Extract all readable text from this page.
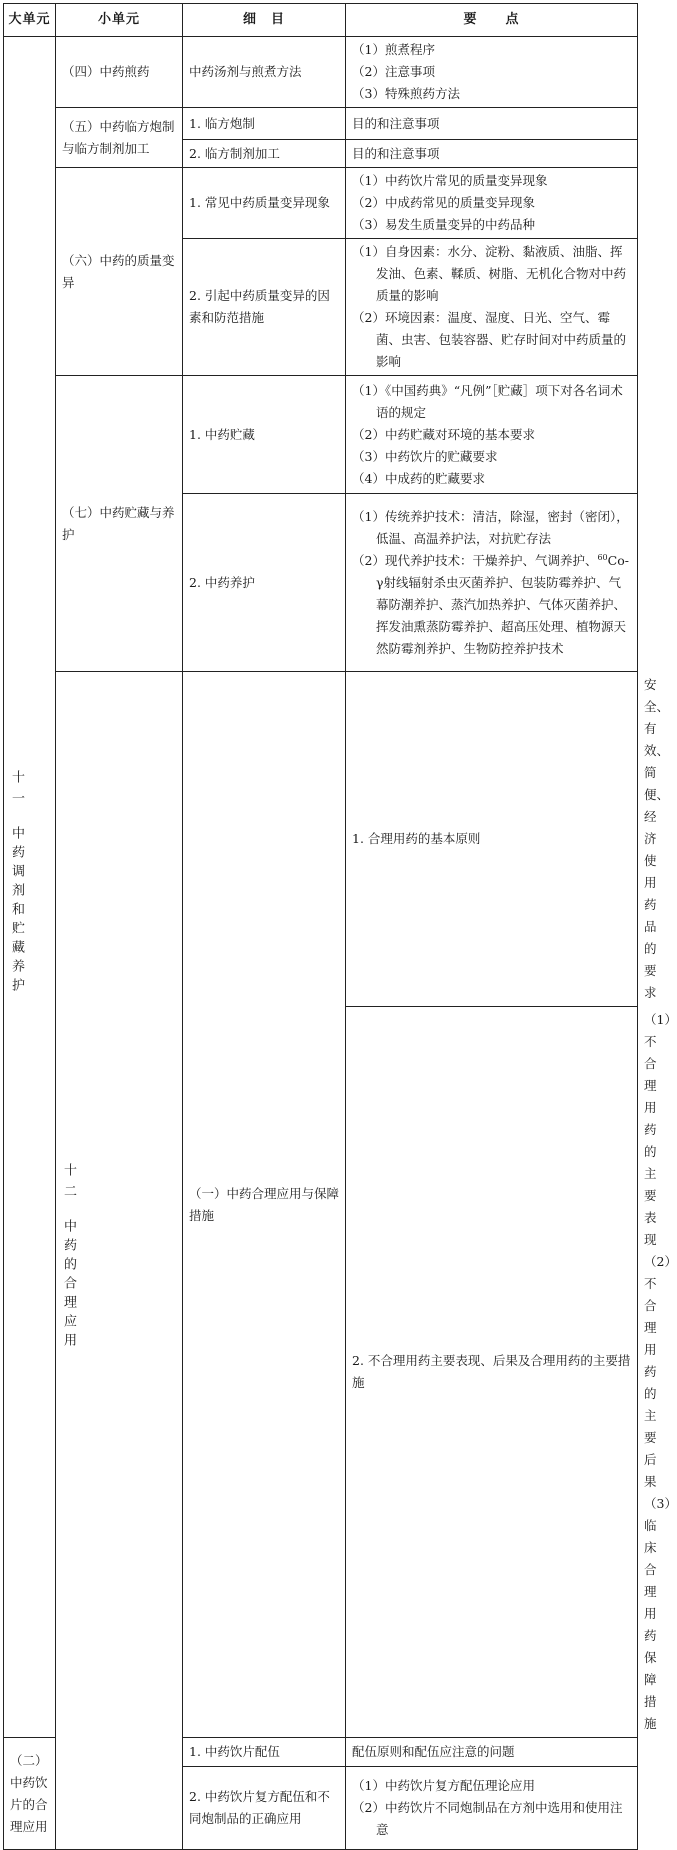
大单元	小单元	细　目	要　　点	
十一中药调剂和贮藏养护	（四）中药煎药	中药汤剂与煎煮方法	（1）煎煮程序
（2）注意事项
（3）特殊煎药方法	

	（五）中药临方炮制与临方制剂加工	1. 临方炮制	目的和注意事项	
		2. 临方制剂加工	目的和注意事项	
	（六）中药的质量变异	1. 常见中药质量变异现象	（1）中药饮片常见的质量变异现象
（2）中成药常见的质量变异现象
（3）易发生质量变异的中药品种	

		2. 引起中药质量变异的因素和防范措施	（1）自身因素：水分、淀粉、黏液质、油脂、挥发油、色素、鞣质、树脂、无机化合物对中药质量的影响
（2）环境因素：温度、湿度、日光、空气、霉菌、虫害、包装容器、贮存时间对中药质量的影响	

	（七）中药贮藏与养护	1. 中药贮藏	（1）《中国药典》“凡例”［贮藏］项下对各名词术语的规定
（2）中药贮藏对环境的基本要求
（3）中药饮片的贮藏要求
（4）中成药的贮藏要求	

		2. 中药养护	（1）传统养护技术：清洁，除湿，密封（密闭），低温、高温养护法，对抗贮存法
（2）现代养护技术：干燥养护、气调养护、$^{60}$Co-γ射线辐射杀虫灭菌养护、包装防霉养护、气幕防潮养护、蒸汽加热养护、气体灭菌养护、挥发油熏蒸防霉养护、超高压处理、植物源天然防霉剂养护、生物防控养护技术	

	十二中药的合理应用	（一）中药合理应用与保障措施	1. 合理用药的基本原则	安全、有效、简便、经济使用药品的要求
			2. 不合理用药主要表现、后果及合理用药的主要措施	（1）不合理用药的主要表现
（2）不合理用药的主要后果
（3）临床合理用药保障措施

（二）中药饮片的合理应用		1. 中药饮片配伍	配伍原则和配伍应注意的问题	
		2. 中药饮片复方配伍和不同炮制品的正确应用	（1）中药饮片复方配伍理论应用
（2）中药饮片不同炮制品在方剂中选用和使用注意	
